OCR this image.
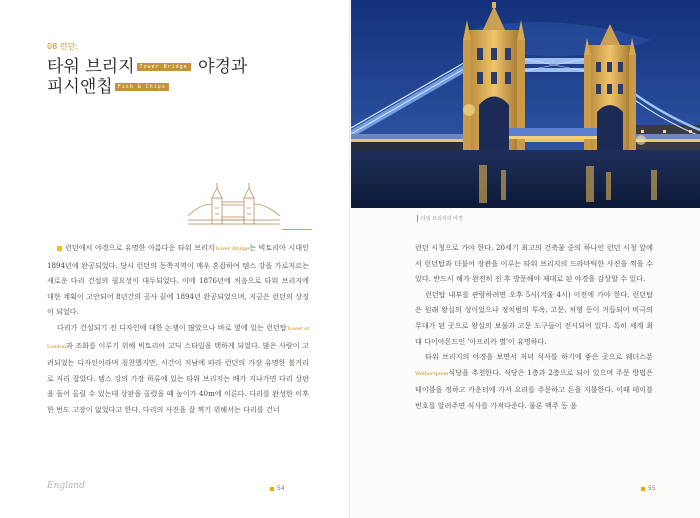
08 런던:
타워 브리지 Tower Bridge 야경과
피시앤칩 Fish & Chips

런던에서 야경으로 유명한 아름다운 타워 브리지Tower Bridge는 빅토리아 시대인 1894년에 완공되었다. 당시 런던의 동쪽지역이 매우 혼잡하여 템스 강을 가로지르는 새로운 다리 건설의 필요성이 대두되었다. 이에 1876년에 처음으로 타워 브리지에 대한 계획이 고안되어 8년간의 공사 끝에 1894년 완공되었으며, 지금은 런던의 상징이 되었다.

다리가 건설되기 전 디자인에 대한 논쟁이 많았으나 바로 옆에 있는 런던탑Tower of London과 조화를 이루기 위해 빅토리아 고딕 스타일을 택하게 되었다. 많은 사람이 고려되었는 디자인이라며 칭찬했지만, 시간이 지남에 따라 런던의 가장 유명한 볼거리로 자리 잡았다. 템스 강의 가장 하류에 있는 타워 브리지는 배가 지나가면 다리 상판을 들어 올릴 수 있는데 상판을 올렸을 때 높이가 40m에 이른다. 다리를 완성한 이후 한 번도 고장이 없었다고 한다. 다리의 사진을 잘 찍기 위해서는 다리를 건너

England	54
타워 브리지의 야경

런던 시청으로 가야 한다. 20세기 최고의 건축물 중의 하나인 런던 시청 앞에서 런던탑과 더불어 장관을 이루는 타워 브리지의 드라마틱한 사진을 찍을 수 있다. 반드시 해가 완전히 진 후 방문해야 제대로 된 야경을 감상할 수 있다.

런던탑 내부를 관람하려면 오후 5시(겨울 4시) 이전에 가야 한다. 런던탑은 원래 왕실의 성이었으나 정치범의 투옥, 고문, 처형 등이 거듭되어 비극의 무대가 된 곳으로 왕실의 보물과 고문 도구들이 전시되어 있다. 특히 세계 최대 다이아몬드인 '아프리카 별'이 유명하다.

타워 브리지의 야경을 보면서 저녁 식사를 하기에 좋은 곳으로 웨더스푼Wetherspoon식당을 추천한다. 식당은 1층과 2층으로 되어 있으며 주문 방법은 테이블을 정하고 카운터에 가서 요리를 주문하고 돈을 지불한다. 이때 테이블 번호를 알려주면 식사를 가져다준다. 물론 맥주 등 음

55
